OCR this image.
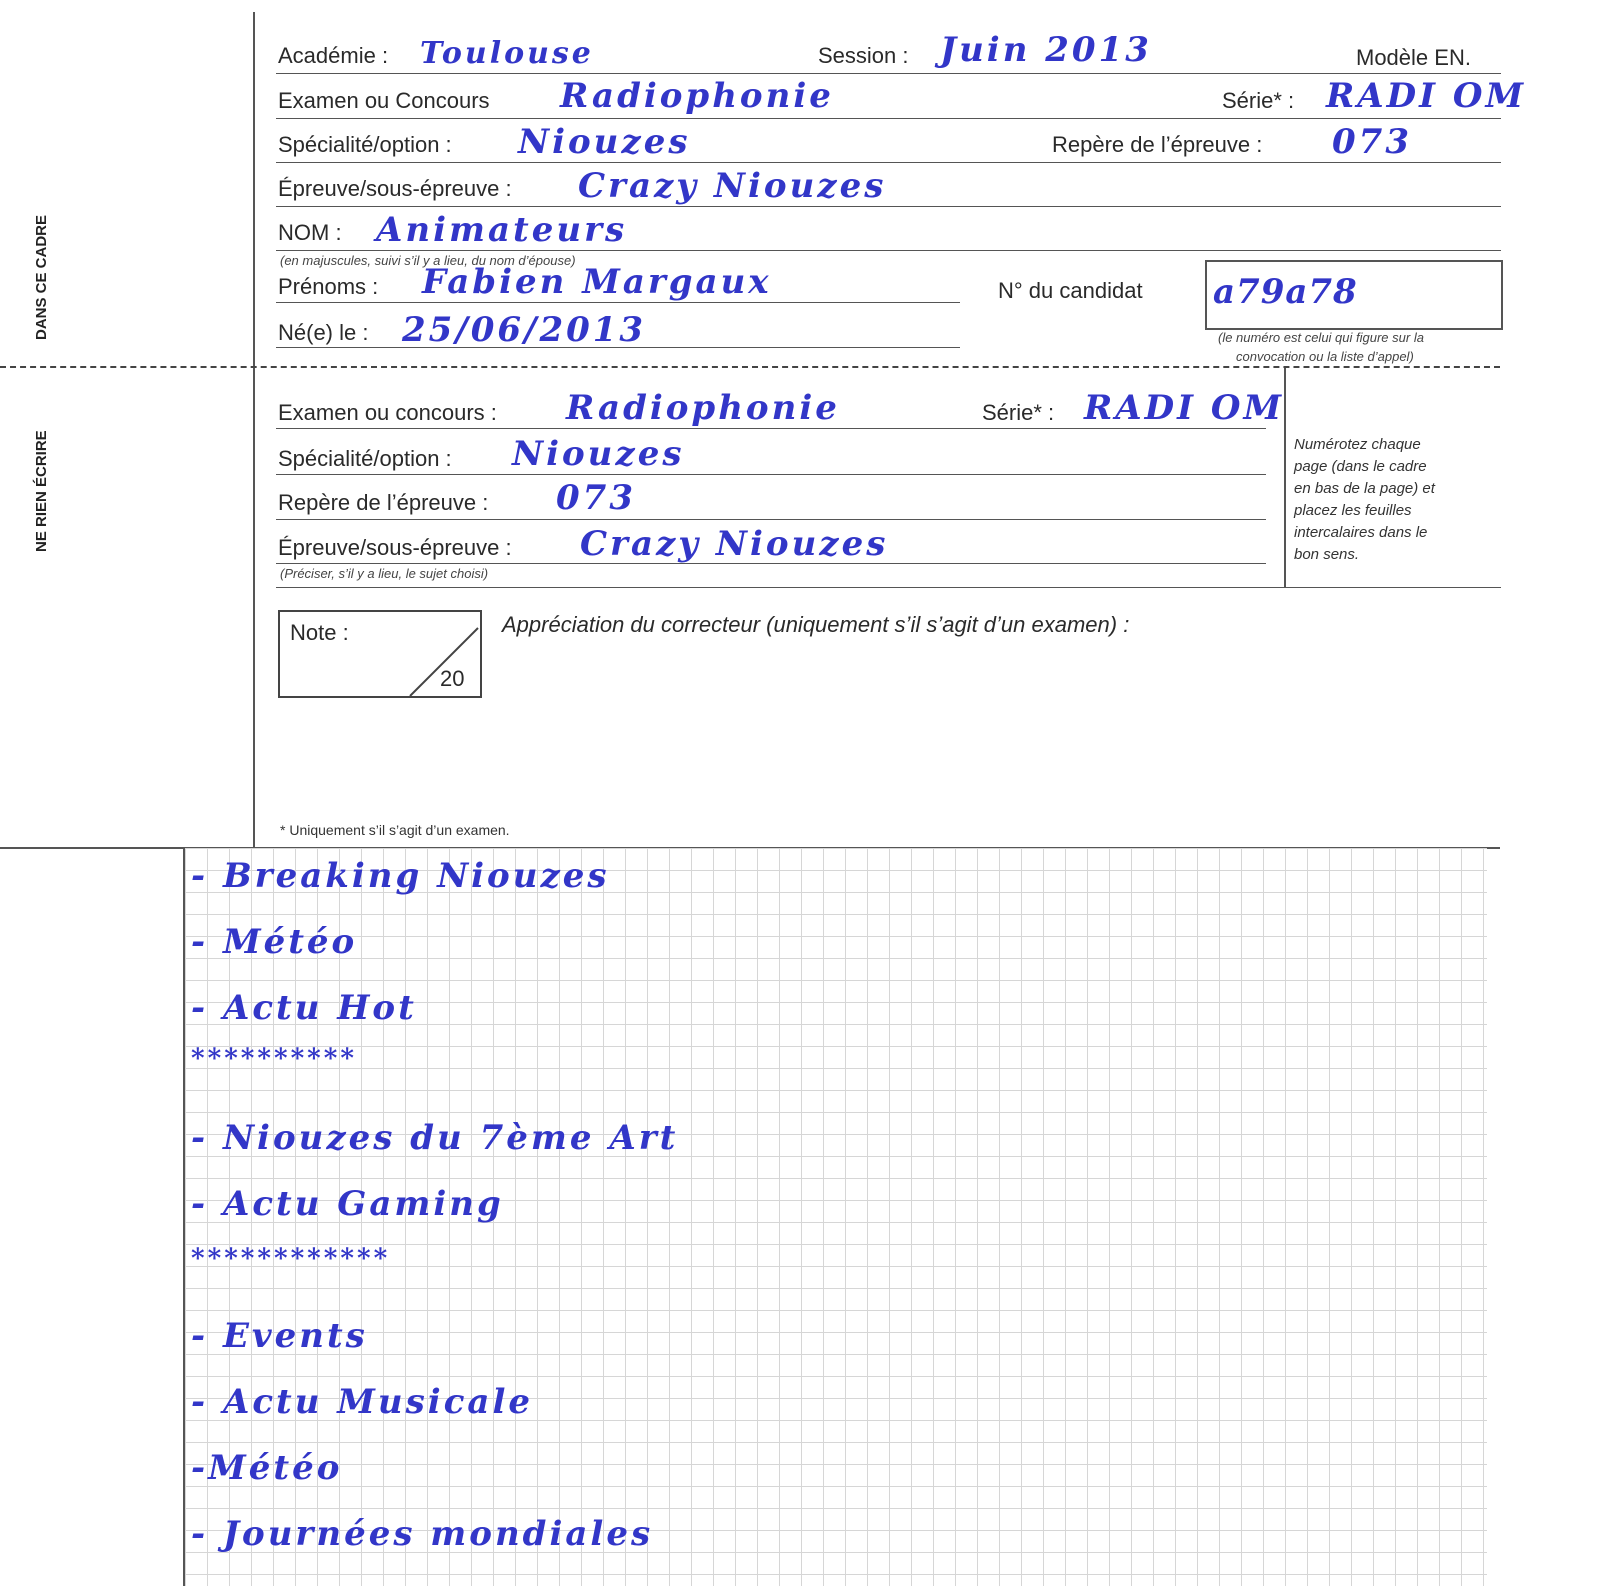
DANS CE CADRE
NE RIEN ÉCRIRE
Académie : Toulouse	Session : Juin 2013	Modèle EN.
Examen ou Concours Radiophonie	Série* : RADI OM
Spécialité/option : Niouzes	Repère de l’épreuve : 073
Épreuve/sous-épreuve : Crazy Niouzes
NOM : Animateurs
(en majuscules, suivi s’il y a lieu, du nom d’épouse)
Prénoms : Fabien Margaux	N° du candidat a79a78
(le numéro est celui qui figure sur la
convocation ou la liste d’appel)
Né(e) le : 25/06/2013
Examen ou concours : Radiophonie	Série* : RADI OM
Spécialité/option : Niouzes
Repère de l’épreuve : 073
Épreuve/sous-épreuve : Crazy Niouzes
(Préciser, s’il y a lieu, le sujet choisi)
Numérotez chaque
page (dans le cadre
en bas de la page) et
placez les feuilles
intercalaires dans le
bon sens.
Note :
20
Appréciation du correcteur (uniquement s’il s’agit d’un examen) :
* Uniquement s’il s’agit d’un examen.
- Breaking Niouzes
- Météo
- Actu Hot
**********
- Niouzes du 7ème Art
- Actu Gaming
************
- Events
- Actu Musicale
-Météo
- Journées mondiales
